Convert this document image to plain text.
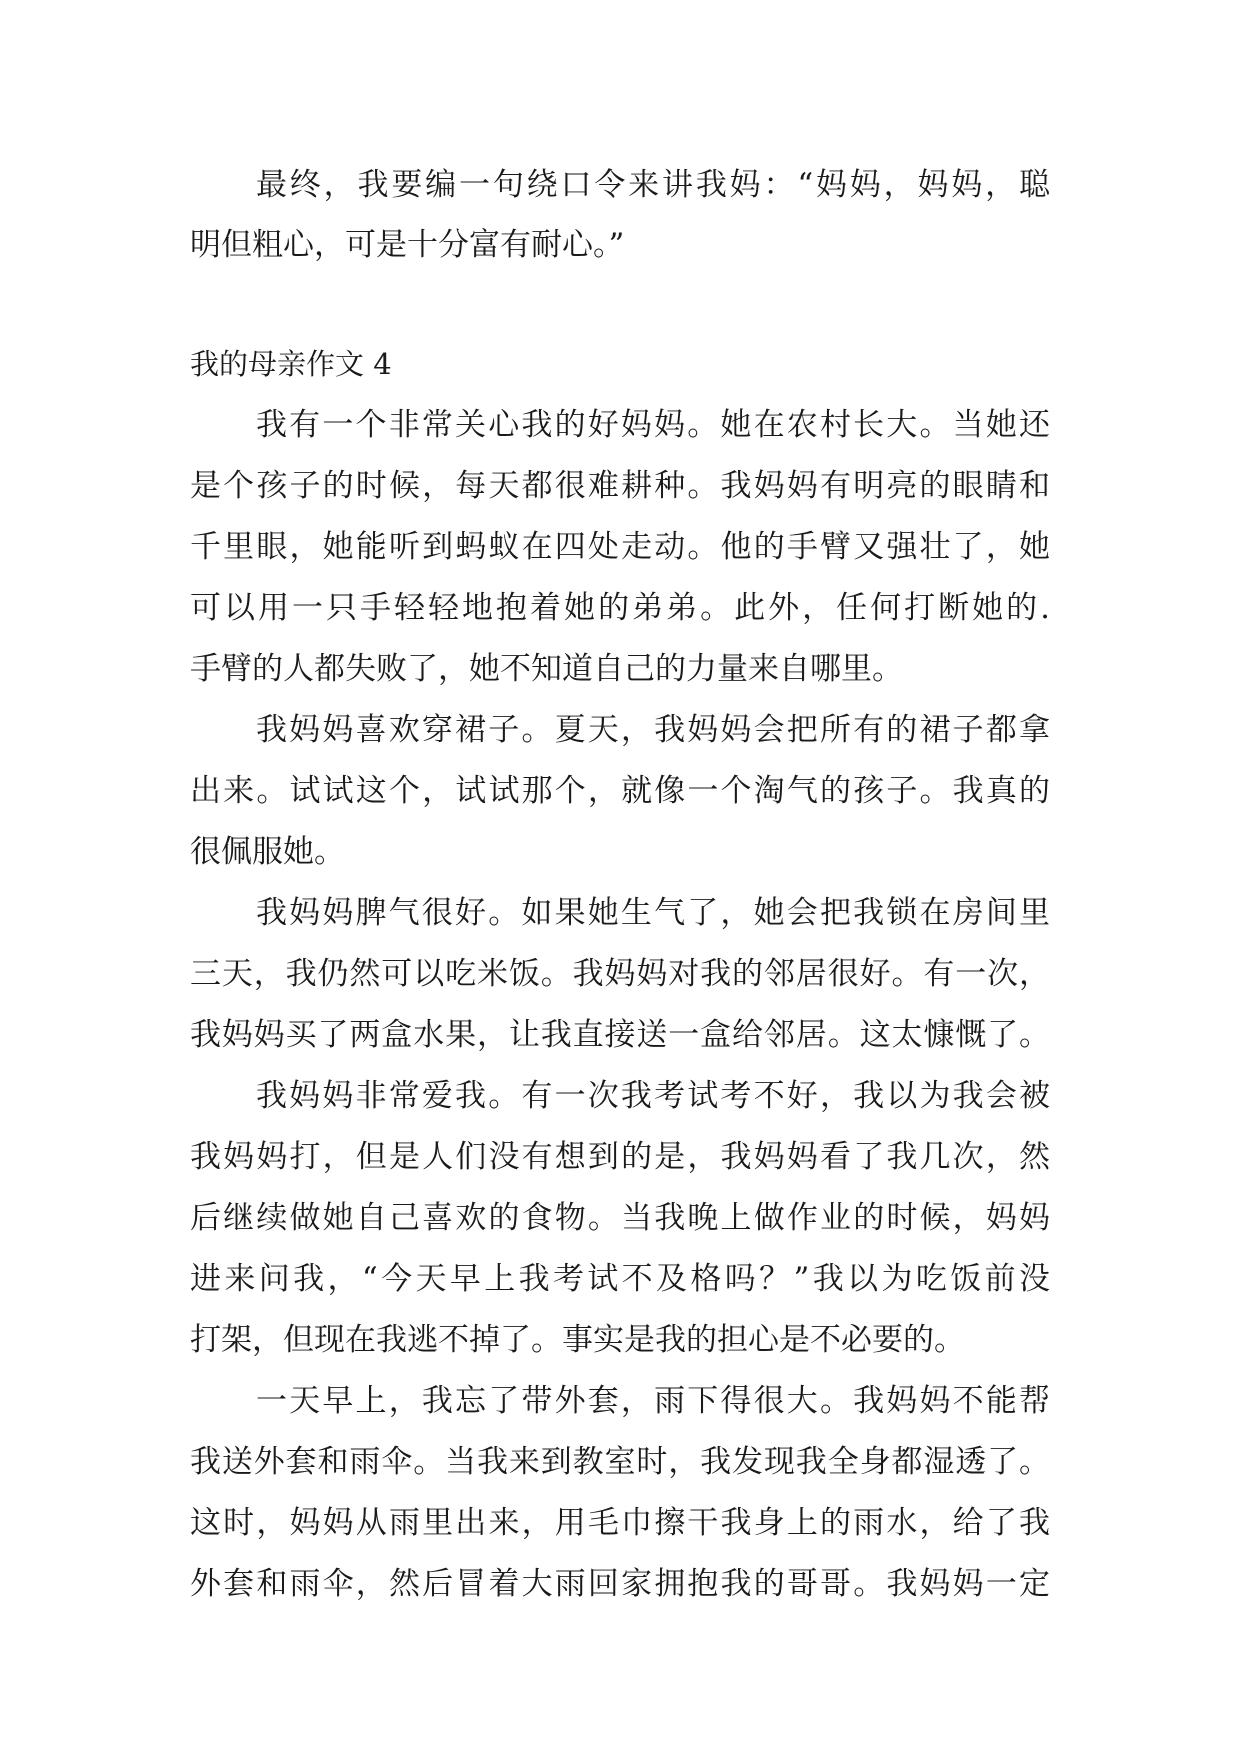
最终，我要编一句绕口令来讲我妈：“妈妈，妈妈，聪
明但粗心，可是十分富有耐心。”
我的母亲作文 4
我有一个非常关心我的好妈妈。她在农村长大。当她还
是个孩子的时候，每天都很难耕种。我妈妈有明亮的眼睛和
千里眼，她能听到蚂蚁在四处走动。他的手臂又强壮了，她
可以用一只手轻轻地抱着她的弟弟。此外，任何打断她的.
手臂的人都失败了，她不知道自己的力量来自哪里。
我妈妈喜欢穿裙子。夏天，我妈妈会把所有的裙子都拿
出来。试试这个，试试那个，就像一个淘气的孩子。我真的
很佩服她。
我妈妈脾气很好。如果她生气了，她会把我锁在房间里
三天，我仍然可以吃米饭。我妈妈对我的邻居很好。有一次，
我妈妈买了两盒水果，让我直接送一盒给邻居。这太慷慨了。
我妈妈非常爱我。有一次我考试考不好，我以为我会被
我妈妈打，但是人们没有想到的是，我妈妈看了我几次，然
后继续做她自己喜欢的食物。当我晚上做作业的时候，妈妈
进来问我，“今天早上我考试不及格吗？”我以为吃饭前没
打架，但现在我逃不掉了。事实是我的担心是不必要的。
一天早上，我忘了带外套，雨下得很大。我妈妈不能帮
我送外套和雨伞。当我来到教室时，我发现我全身都湿透了。
这时，妈妈从雨里出来，用毛巾擦干我身上的雨水，给了我
外套和雨伞，然后冒着大雨回家拥抱我的哥哥。我妈妈一定
